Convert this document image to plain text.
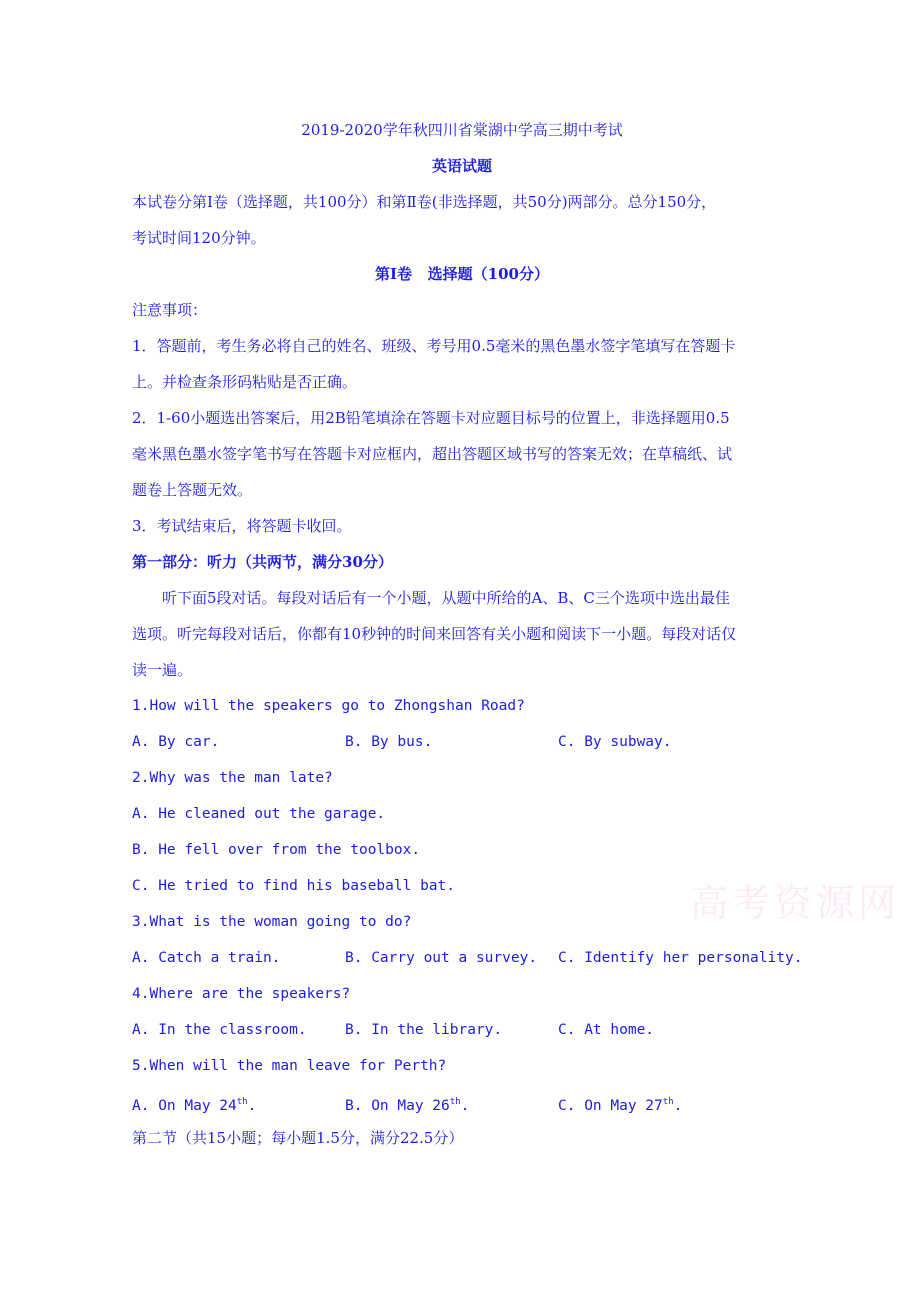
2019-2020学年秋四川省棠湖中学高三期中考试
英语试题
本试卷分第Ⅰ卷（选择题，共100分）和第Ⅱ卷(非选择题，共50分)两部分。总分150分，
考试时间120分钟。
第Ⅰ卷   选择题（100分）
注意事项：
1．答题前，考生务必将自己的姓名、班级、考号用0.5毫米的黑色墨水签字笔填写在答题卡
上。并检查条形码粘贴是否正确。
2．1-60小题选出答案后，用2B铅笔填涂在答题卡对应题目标号的位置上，非选择题用0.5
毫米黑色墨水签字笔书写在答题卡对应框内，超出答题区域书写的答案无效；在草稿纸、试
题卷上答题无效。
3．考试结束后，将答题卡收回。
第一部分：听力（共两节，满分30分）
听下面5段对话。每段对话后有一个小题，从题中所给的A、B、C三个选项中选出最佳
选项。听完每段对话后，你都有10秒钟的时间来回答有关小题和阅读下一小题。每段对话仅
读一遍。
1.How will the speakers go to Zhongshan Road?
A. By car.	B. By bus.	C. By subway.
2.Why was the man late?
A. He cleaned out the garage.
B. He fell over from the toolbox.
C. He tried to find his baseball bat.
3.What is the woman going to do?
A. Catch a train.	B. Carry out a survey. C. Identify her personality.
4.Where are the speakers?
A. In the classroom.	B. In the library.	C. At home.
5.When will the man leave for Perth?
A. On May 24th.	B. On May 26th.	C. On May 27th.
第二节（共15小题；每小题1.5分，满分22.5分）
高考资源网
